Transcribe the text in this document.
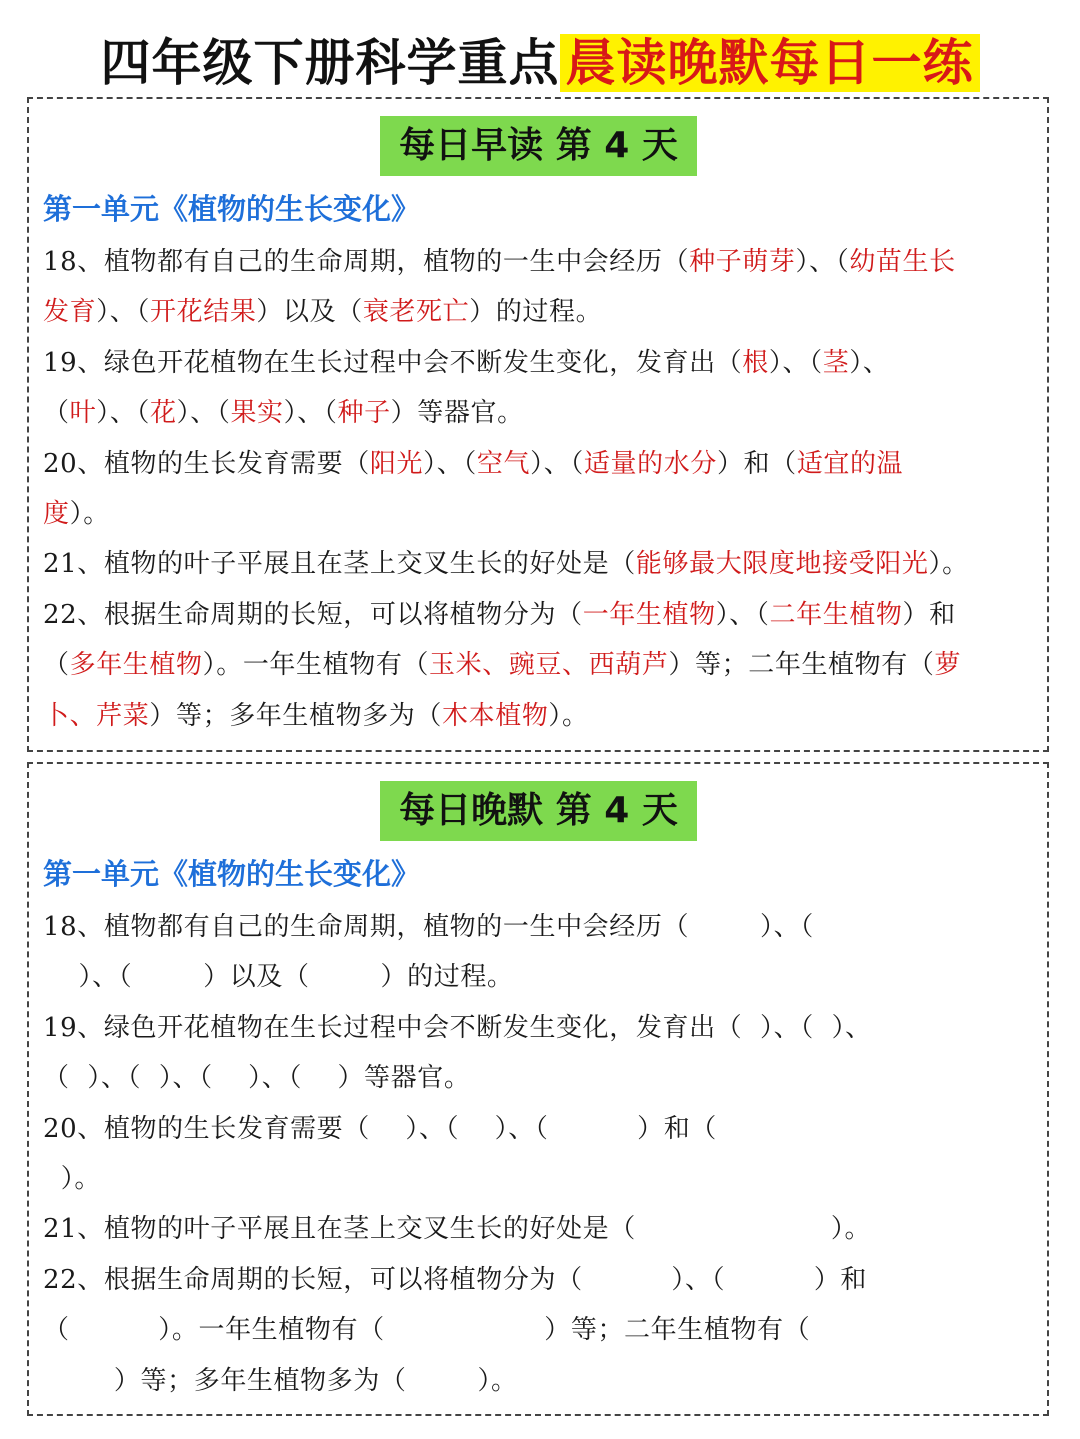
四年级下册科学重点 晨读晚默每日一练
每日早读 第 4 天
第一单元《植物的生长变化》
18、植物都有自己的生命周期，植物的一生中会经历（种子萌芽）、（幼苗生长
发育）、（开花结果）以及（衰老死亡）的过程。
19、绿色开花植物在生长过程中会不断发生变化，发育出（根）、（茎）、
（叶）、（花）、（果实）、（种子）等器官。
20、植物的生长发育需要（阳光）、（空气）、（适量的水分）和（适宜的温
度）。
21、植物的叶子平展且在茎上交叉生长的好处是（能够最大限度地接受阳光）。
22、根据生命周期的长短，可以将植物分为（一年生植物）、（二年生植物）和
（多年生植物）。一年生植物有（玉米、豌豆、西葫芦）等；二年生植物有（萝
卜、芹菜）等；多年生植物多为（木本植物）。
每日晚默 第 4 天
第一单元《植物的生长变化》
18、植物都有自己的生命周期，植物的一生中会经历（	）、（
）、（	）以及（	）的过程。
19、绿色开花植物在生长过程中会不断发生变化，发育出（ ）、（ ）、
（ ）、（ ）、（ ）、（ ）等器官。
20、植物的生长发育需要（ ）、（ ）、（	）和（
）。
21、植物的叶子平展且在茎上交叉生长的好处是（	）。
22、根据生命周期的长短，可以将植物分为（	）、（	）和
（	）。一年生植物有（	）等；二年生植物有（
）等；多年生植物多为（	）。
